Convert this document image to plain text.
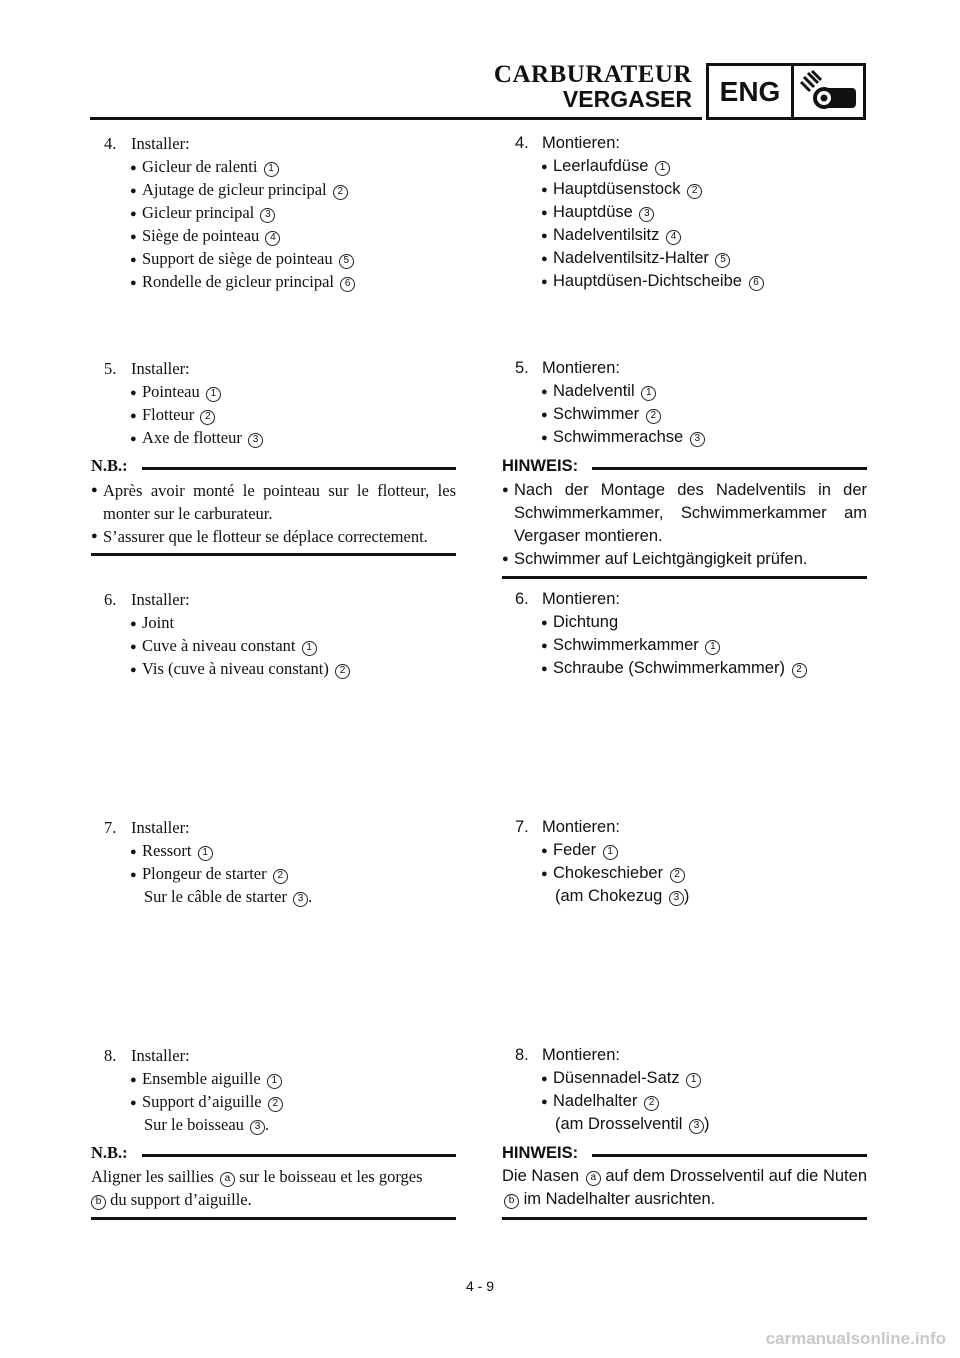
CARBURATEUR
VERGASER ENG
4. Installer:
● Gicleur de ralenti 1
● Ajutage de gicleur principal 2
● Gicleur principal 3
● Siège de pointeau 4
● Support de siège de pointeau 5
● Rondelle de gicleur principal 6
5. Installer:
● Pointeau 1
● Flotteur 2
● Axe de flotteur 3
N.B.:
● Après avoir monté le pointeau sur le flotteur, les monter sur le carburateur.
● S’assurer que le flotteur se déplace correctement.
6. Installer:
● Joint
● Cuve à niveau constant 1
● Vis (cuve à niveau constant) 2
7. Installer:
● Ressort 1
● Plongeur de starter 2
Sur le câble de starter 3 .
8. Installer:
● Ensemble aiguille 1
● Support d’aiguille 2
Sur le boisseau 3 .
N.B.:
Aligner les saillies a sur le boisseau et les gorges
b du support d’aiguille.
4. Montieren:
● Leerlaufdüse 1
● Hauptdüsenstock 2
● Hauptdüse 3
● Nadelventilsitz 4
● Nadelventilsitz-Halter 5
● Hauptdüsen-Dichtscheibe 6
5. Montieren:
● Nadelventil 1
● Schwimmer 2
● Schwimmerachse 3
HINWEIS:
● Nach der Montage des Nadelventils in der Schwimmerkammer, Schwimmerkammer am Vergaser montieren.
● Schwimmer auf Leichtgängigkeit prüfen.
6. Montieren:
● Dichtung
● Schwimmerkammer 1
● Schraube (Schwimmerkammer) 2
7. Montieren:
● Feder 1
● Chokeschieber 2
(am Chokezug 3 )
8. Montieren:
● Düsennadel-Satz 1
● Nadelhalter 2
(am Drosselventil 3 )
HINWEIS:
Die Nasen a auf dem Drosselventil auf die Nuten b im Nadelhalter ausrichten.
4 - 9
carmanualsonline.info
